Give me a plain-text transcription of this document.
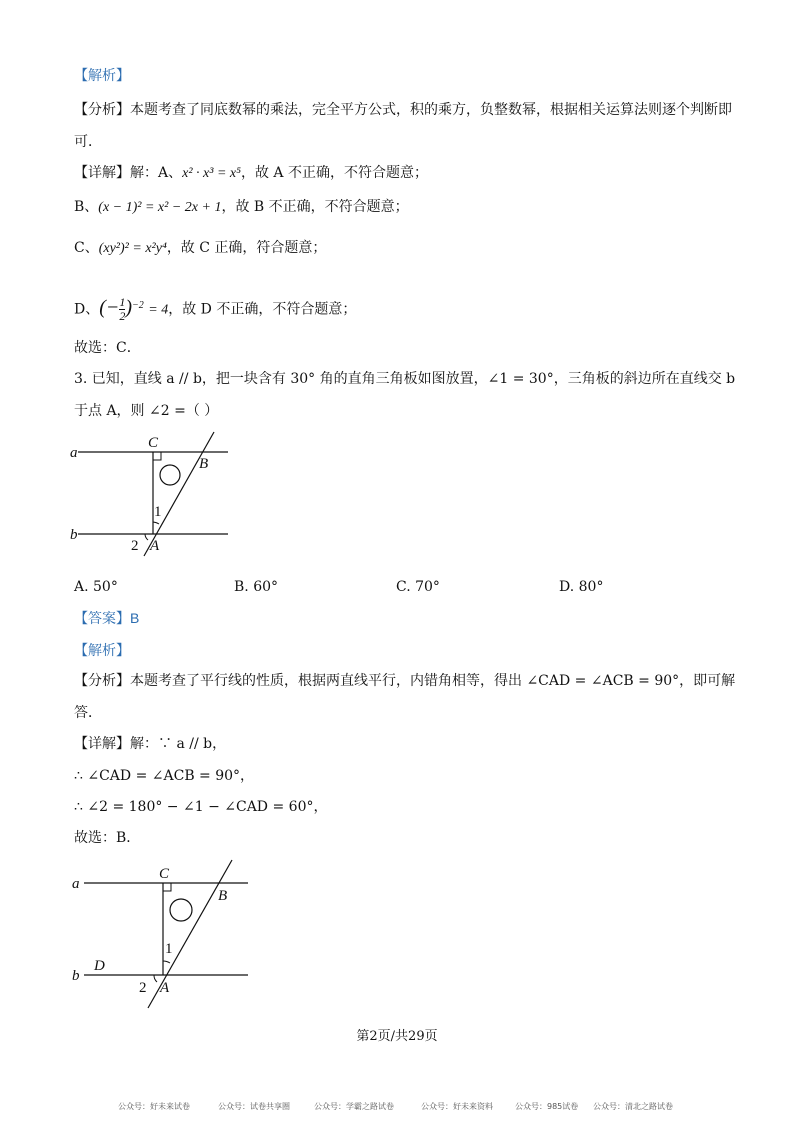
【解析】
【分析】本题考查了同底数幂的乘法，完全平方公式，积的乘方，负整数幂，根据相关运算法则逐个判断即
可．
【详解】解：A、x² · x³ = x⁵，故 A 不正确，不符合题意；
B、(x − 1)² = x² − 2x + 1，故 B 不正确，不符合题意；
C、(xy²)² = x²y⁴，故 C 正确，符合题意；
D、(− $\frac{1}{2} )^{-2} = 4$，故 D 不正确，不符合题意；
故选：C．
3. 已知，直线 a // b，把一块含有 30° 角的直角三角板如图放置，∠1 = 30°，三角板的斜边所在直线交 b
于点 A，则 ∠2 =（ ）
a
b
C
B
A
1
2
A. 50°	B. 60°	C. 70°	D. 80°
【答案】B
【解析】
【分析】本题考查了平行线的性质，根据两直线平行，内错角相等，得出 ∠CAD = ∠ACB = 90°，即可解
答．
【详解】解：∵ a // b，
∴ ∠CAD = ∠ACB = 90°，
∴ ∠2 = 180° − ∠1 − ∠CAD = 60°，
故选：B．
a
b
D
C
B
A
1
2
第2页/共29页
公众号：好未来试卷	公众号：试卷共享圈	公众号：学霸之路试卷	公众号：好未来资料	公众号：985试卷 公众号：清北之路试卷
